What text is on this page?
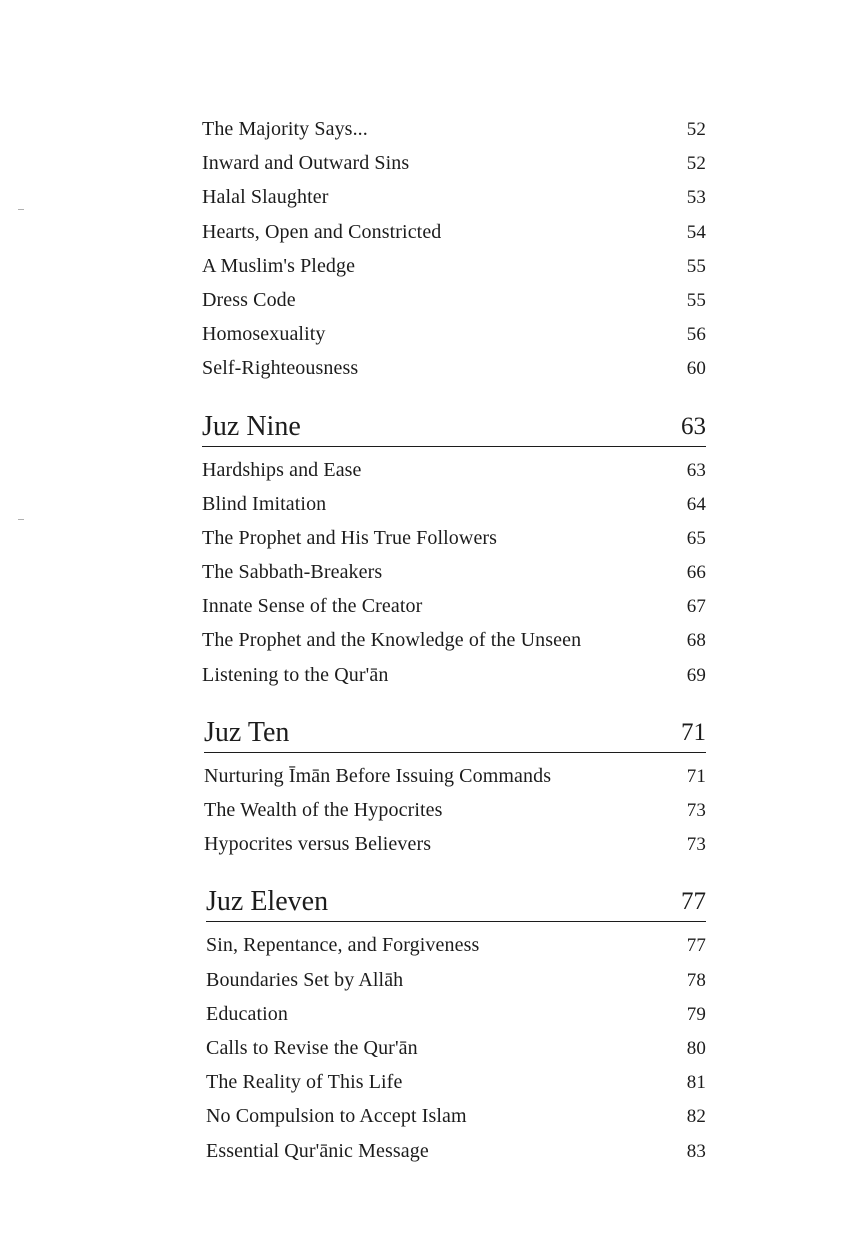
The Majority Says...	52
Inward and Outward Sins	52
Halal Slaughter	53
Hearts, Open and Constricted	54
A Muslim's Pledge	55
Dress Code	55
Homosexuality	56
Self-Righteousness	60
Juz Nine	63
Hardships and Ease	63
Blind Imitation	64
The Prophet and His True Followers	65
The Sabbath-Breakers	66
Innate Sense of the Creator	67
The Prophet and the Knowledge of the Unseen	68
Listening to the Qur'ān	69
Juz Ten	71
Nurturing Īmān Before Issuing Commands	71
The Wealth of the Hypocrites	73
Hypocrites versus Believers	73
Juz Eleven	77
Sin, Repentance, and Forgiveness	77
Boundaries Set by Allāh	78
Education	79
Calls to Revise the Qur'ān	80
The Reality of This Life	81
No Compulsion to Accept Islam	82
Essential Qur'ānic Message	83
